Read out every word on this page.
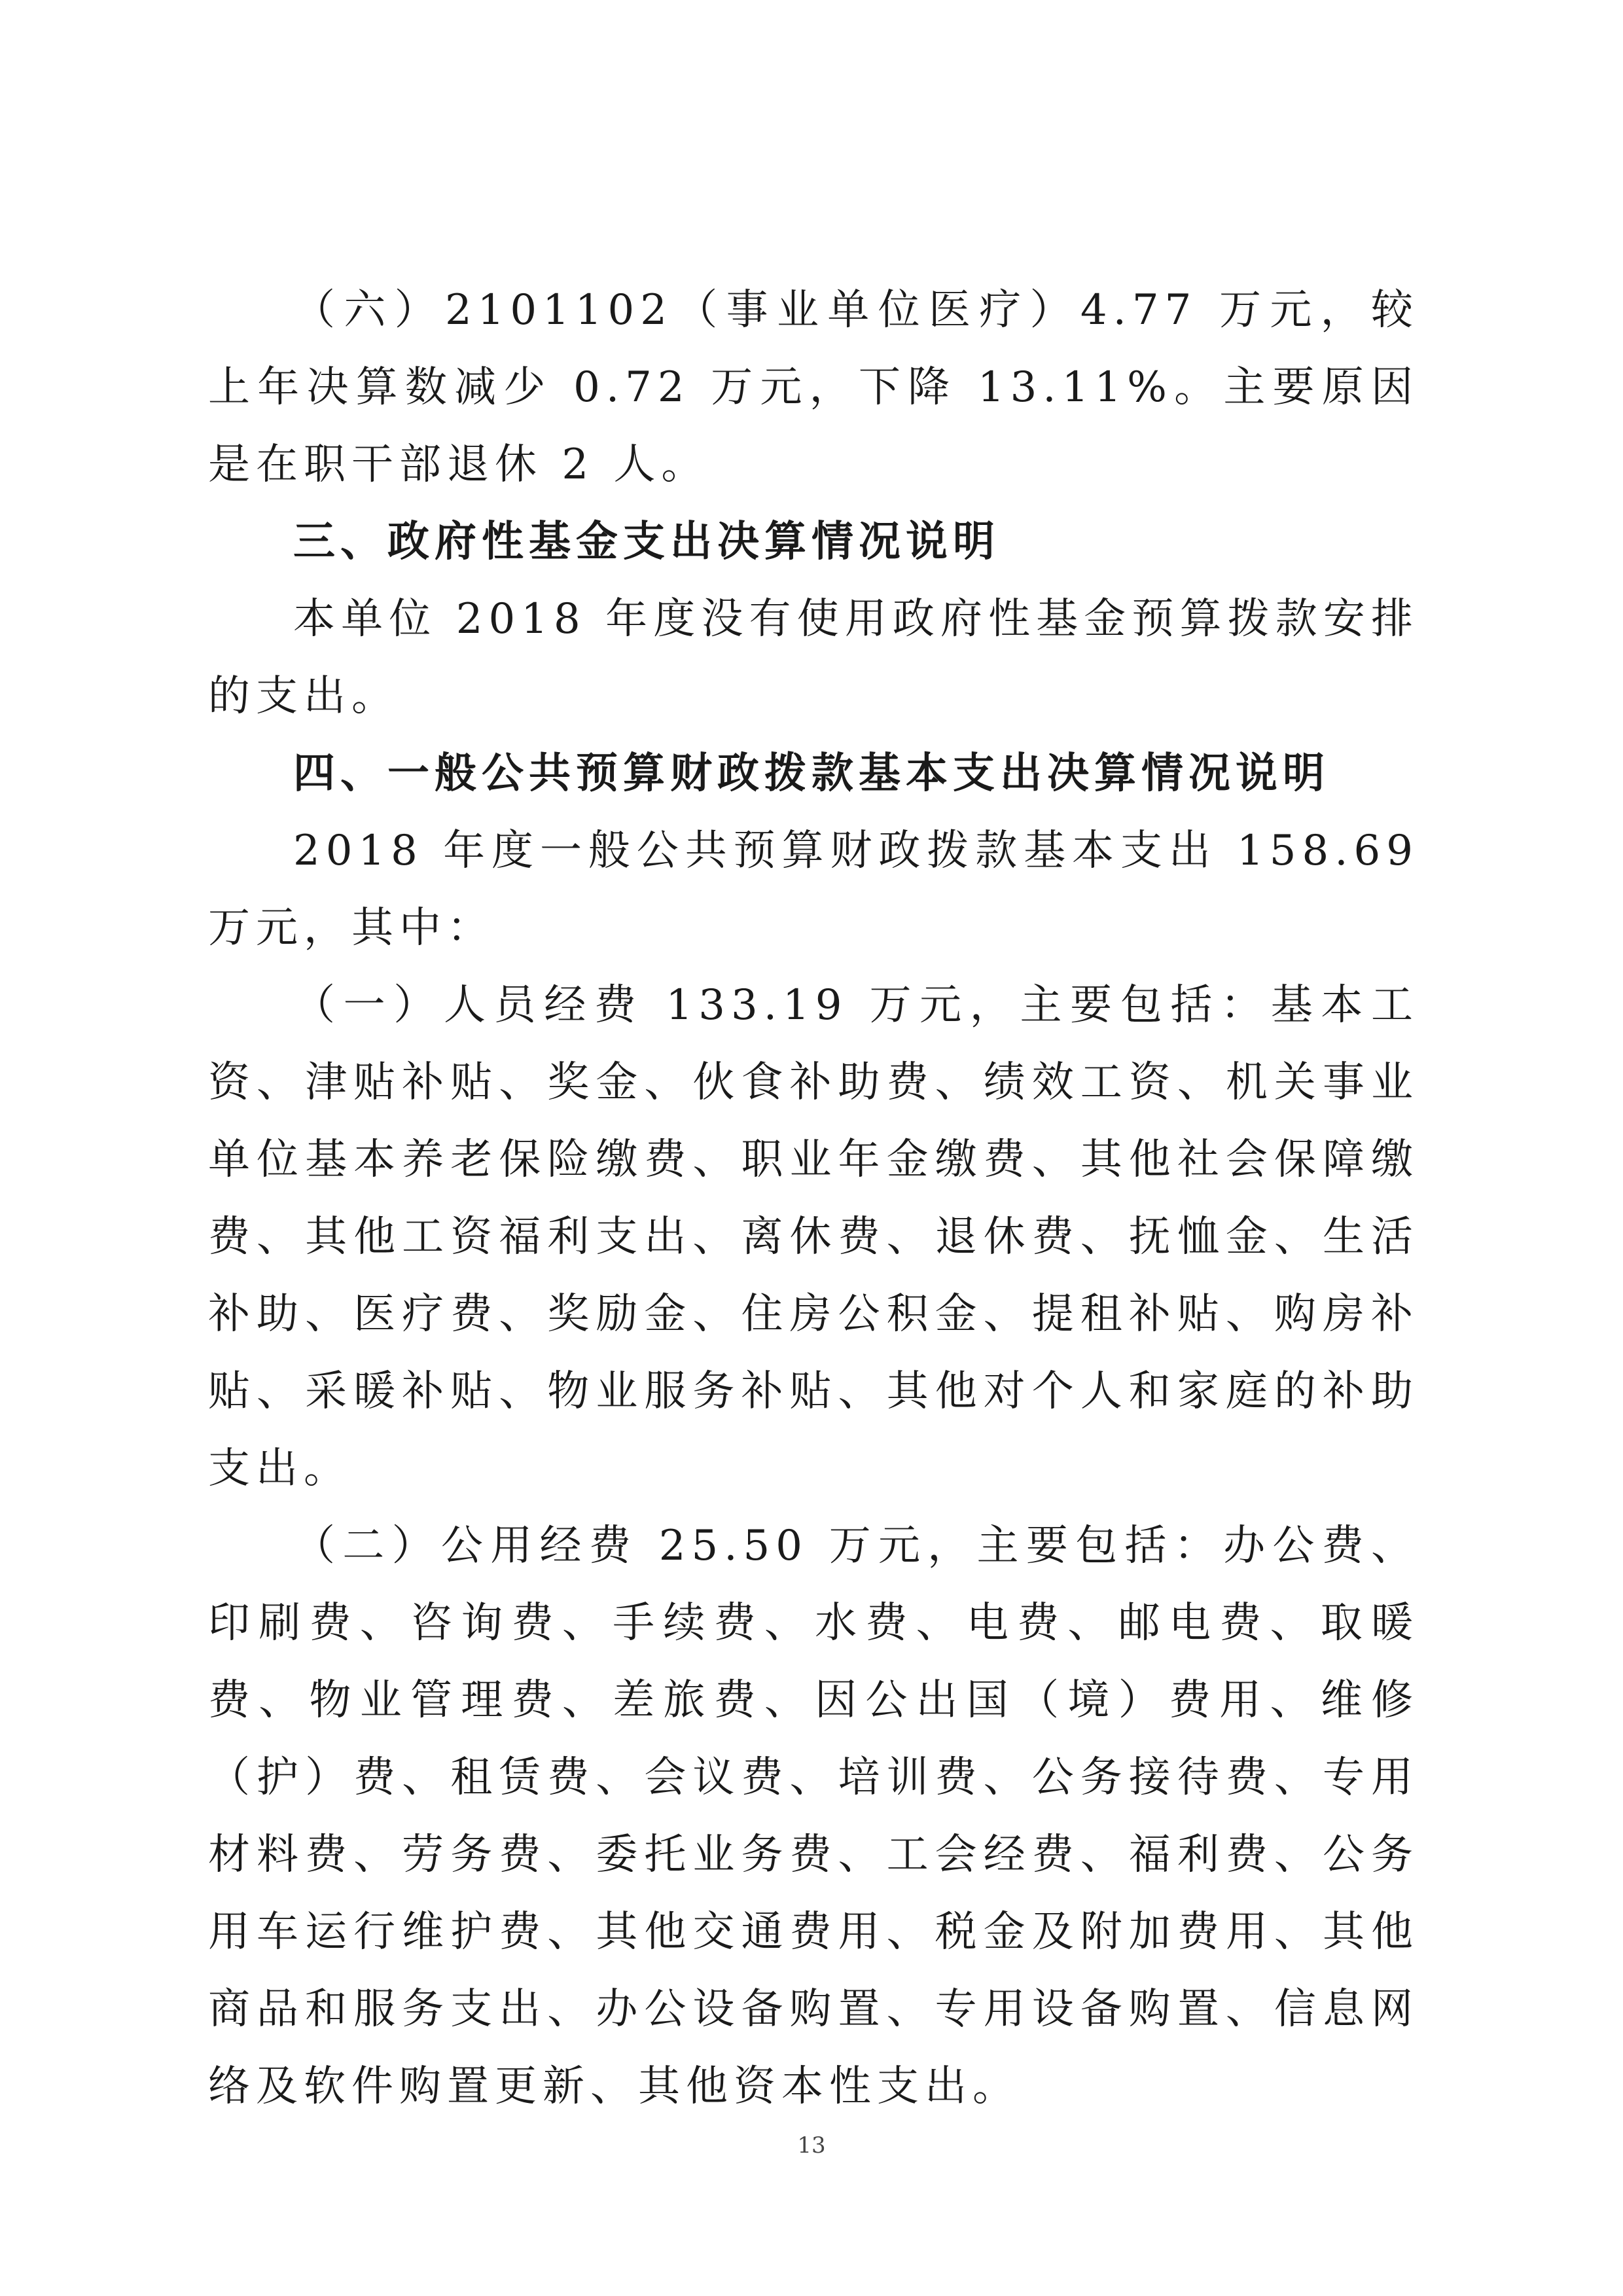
（六）2101102（事业单位医疗）4.77 万元，较上年决算数减少 0.72 万元，下降 13.11%。主要原因是在职干部退休 2 人。

三、政府性基金支出决算情况说明

本单位 2018 年度没有使用政府性基金预算拨款安排的支出。

四、一般公共预算财政拨款基本支出决算情况说明

2018 年度一般公共预算财政拨款基本支出 158.69 万元，其中：

（一）人员经费 133.19 万元，主要包括：基本工资、津贴补贴、奖金、伙食补助费、绩效工资、机关事业单位基本养老保险缴费、职业年金缴费、其他社会保障缴费、其他工资福利支出、离休费、退休费、抚恤金、生活补助、医疗费、奖励金、住房公积金、提租补贴、购房补贴、采暖补贴、物业服务补贴、其他对个人和家庭的补助支出。

（二）公用经费 25.50 万元，主要包括：办公费、印刷费、咨询费、手续费、水费、电费、邮电费、取暖费、物业管理费、差旅费、因公出国（境）费用、维修（护）费、租赁费、会议费、培训费、公务接待费、专用材料费、劳务费、委托业务费、工会经费、福利费、公务用车运行维护费、其他交通费用、税金及附加费用、其他商品和服务支出、办公设备购置、专用设备购置、信息网络及软件购置更新、其他资本性支出。

13
